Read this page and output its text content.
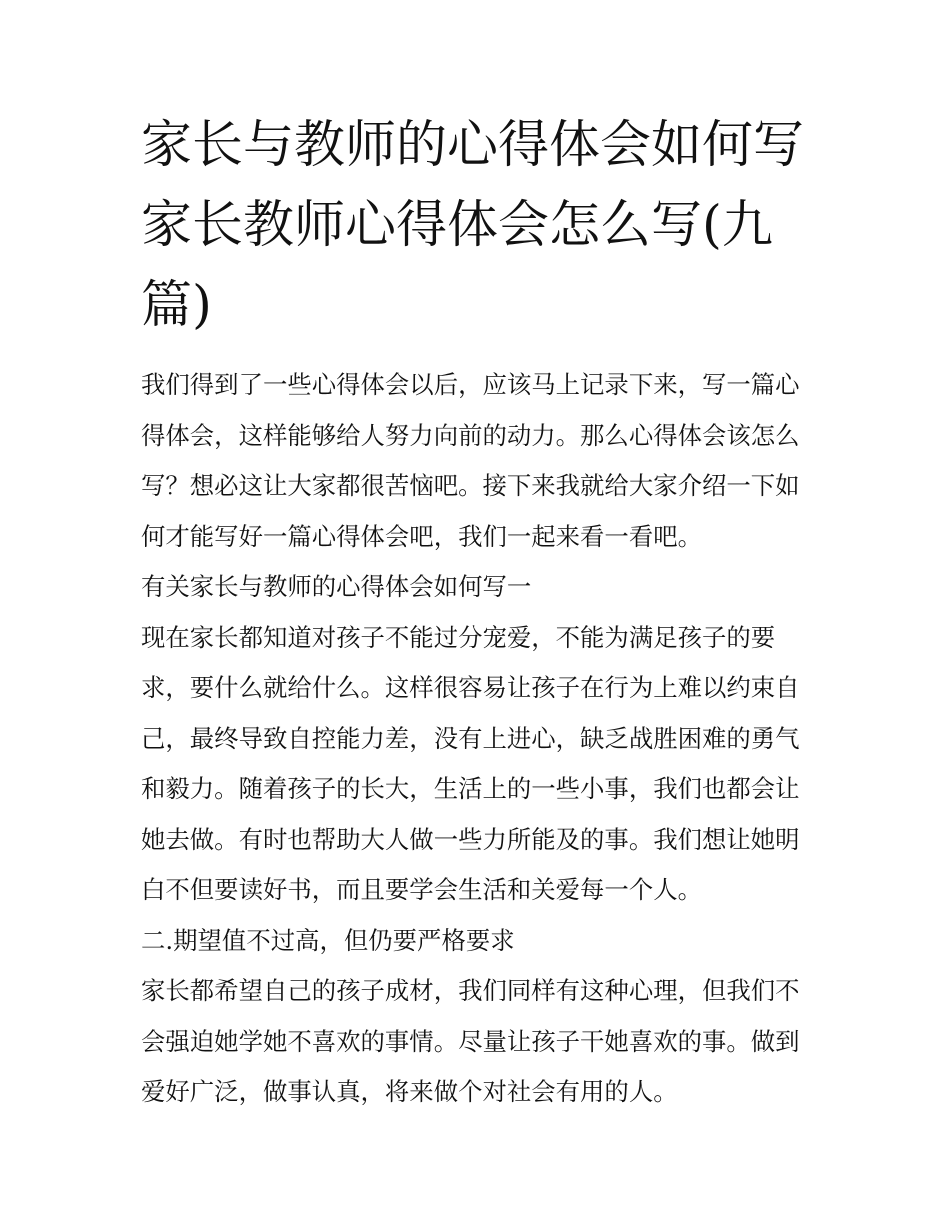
家长与教师的心得体会如何写家长教师心得体会怎么写(九篇)

我们得到了一些心得体会以后，应该马上记录下来，写一篇心得体会，这样能够给人努力向前的动力。那么心得体会该怎么写？想必这让大家都很苦恼吧。接下来我就给大家介绍一下如何才能写好一篇心得体会吧，我们一起来看一看吧。

有关家长与教师的心得体会如何写一

现在家长都知道对孩子不能过分宠爱，不能为满足孩子的要求，要什么就给什么。这样很容易让孩子在行为上难以约束自己，最终导致自控能力差，没有上进心，缺乏战胜困难的勇气和毅力。随着孩子的长大，生活上的一些小事，我们也都会让她去做。有时也帮助大人做一些力所能及的事。我们想让她明白不但要读好书，而且要学会生活和关爱每一个人。

二.期望值不过高，但仍要严格要求

家长都希望自己的孩子成材，我们同样有这种心理，但我们不会强迫她学她不喜欢的事情。尽量让孩子干她喜欢的事。做到爱好广泛，做事认真，将来做个对社会有用的人。
